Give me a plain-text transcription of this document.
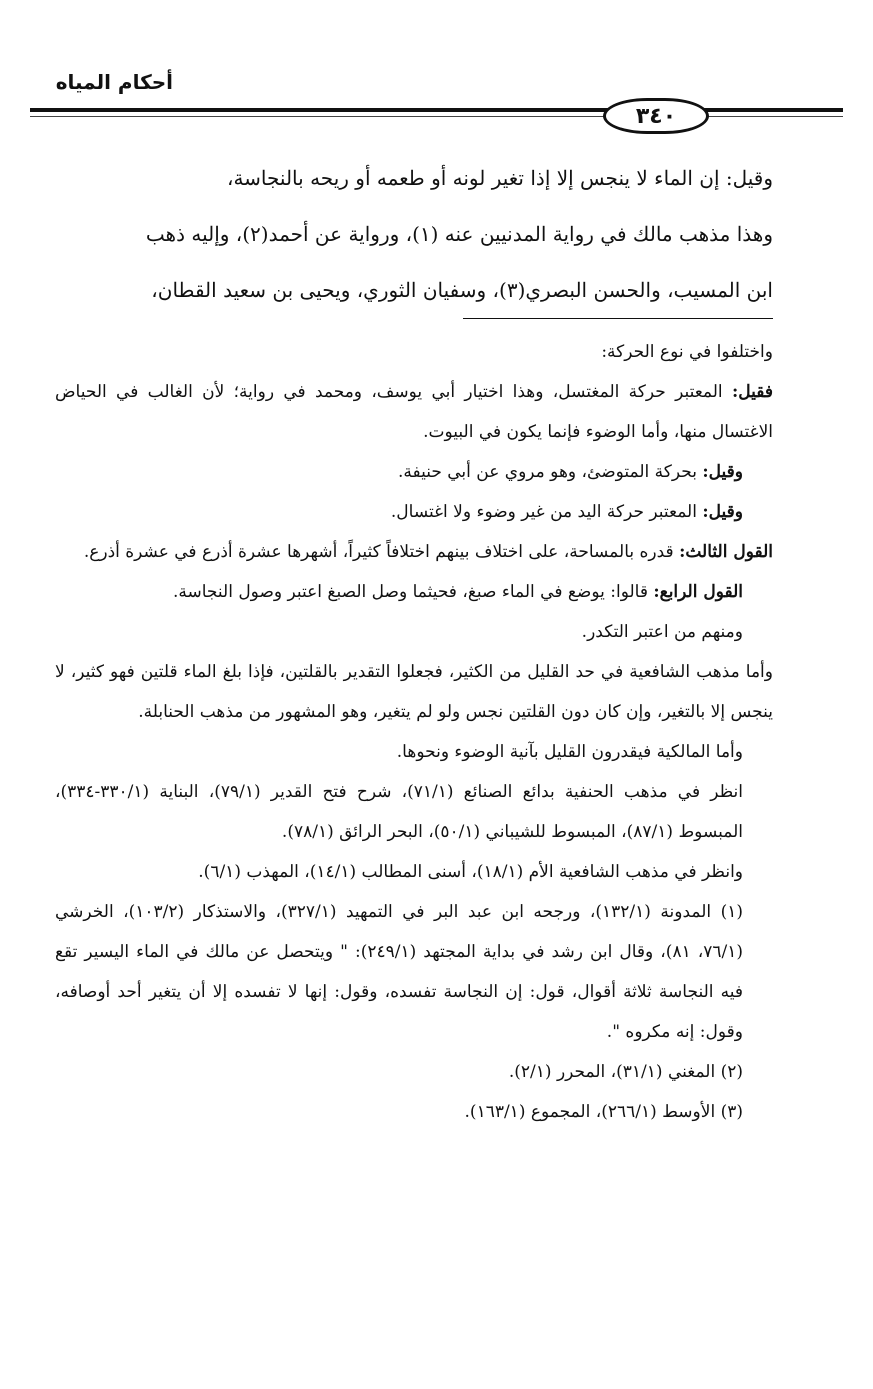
أحكام المياه
٣٤٠

وقيل: إن الماء لا ينجس إلا إذا تغير لونه أو طعمه أو ريحه بالنجاسة،

وهذا مذهب مالك في رواية المدنيين عنه (١)، ورواية عن أحمد(٢)، وإليه ذهب

ابن المسيب، والحسن البصري(٣)، وسفيان الثوري، ويحيى بن سعيد القطان،

واختلفوا في نوع الحركة:

فقيل: المعتبر حركة المغتسل، وهذا اختيار أبي يوسف، ومحمد في رواية؛ لأن الغالب في الحياض الاغتسال منها، وأما الوضوء فإنما يكون في البيوت.

وقيل: بحركة المتوضئ، وهو مروي عن أبي حنيفة.

وقيل: المعتبر حركة اليد من غير وضوء ولا اغتسال.

القول الثالث: قدره بالمساحة، على اختلاف بينهم اختلافاً كثيراً، أشهرها عشرة أذرع في عشرة أذرع.

القول الرابع: قالوا: يوضع في الماء صبغ، فحيثما وصل الصبغ اعتبر وصول النجاسة.

ومنهم من اعتبر التكدر.

وأما مذهب الشافعية في حد القليل من الكثير، فجعلوا التقدير بالقلتين، فإذا بلغ الماء قلتين فهو كثير، لا ينجس إلا بالتغير، وإن كان دون القلتين نجس ولو لم يتغير، وهو المشهور من مذهب الحنابلة.

وأما المالكية فيقدرون القليل بآنية الوضوء ونحوها.

انظر في مذهب الحنفية بدائع الصنائع (٧١/١)، شرح فتح القدير (٧٩/١)، البناية (٣٣٠/١-٣٣٤)، المبسوط (٨٧/١)، المبسوط للشيباني (٥٠/١)، البحر الرائق (٧٨/١).

وانظر في مذهب الشافعية الأم (١٨/١)، أسنى المطالب (١٤/١)، المهذب (٦/١).

(١) المدونة (١٣٢/١)، ورجحه ابن عبد البر في التمهيد (٣٢٧/١)، والاستذكار (١٠٣/٢)، الخرشي (٧٦/١، ٨١)، وقال ابن رشد في بداية المجتهد (٢٤٩/١): " ويتحصل عن مالك في الماء اليسير تقع فيه النجاسة ثلاثة أقوال، قول: إن النجاسة تفسده، وقول: إنها لا تفسده إلا أن يتغير أحد أوصافه، وقول: إنه مكروه ".

(٢) المغني (٣١/١)، المحرر (٢/١).

(٣) الأوسط (٢٦٦/١)، المجموع (١٦٣/١).
